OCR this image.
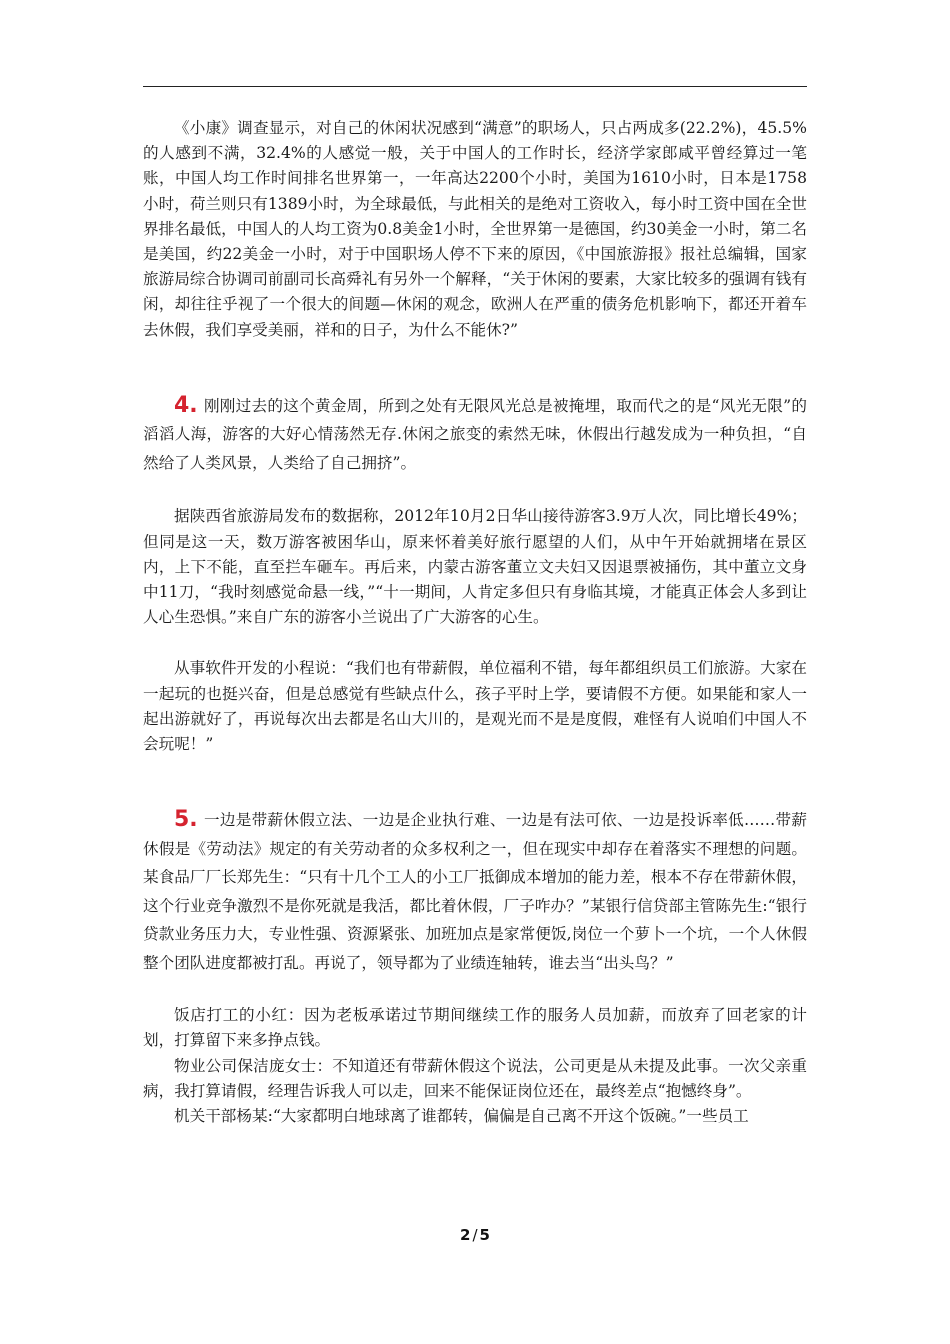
《小康》调查显示，对自己的休闲状况感到“满意”的职场人，只占两成多(22.2%)，45.5%的人感到不满，32.4%的人感觉一般，关于中国人的工作时长，经济学家郎咸平曾经算过一笔账，中国人均工作时间排名世界第一，一年高达2200个小时，美国为1610小时，日本是1758小时，荷兰则只有1389小时，为全球最低，与此相关的是绝对工资收入，每小时工资中国在全世界排名最低，中国人的人均工资为0.8美金1小时，全世界第一是德国，约30美金一小时，第二名是美国，约22美金一小时，对于中国职场人停不下来的原因，《中国旅游报》报社总编辑，国家旅游局综合协调司前副司长高舜礼有另外一个解释，“关于休闲的要素，大家比较多的强调有钱有闲，却往往乎视了一个很大的间题—休闲的观念，欧洲人在严重的债务危机影响下，都还开着车去休假，我们享受美丽，祥和的日子，为什么不能休?”

4. 刚刚过去的这个黄金周，所到之处有无限风光总是被掩埋，取而代之的是“风光无限”的滔滔人海，游客的大好心情荡然无存.休闲之旅变的索然无味，休假出行越发成为一种负担，“自然给了人类风景，人类给了自己拥挤”。

据陕西省旅游局发布的数据称，2012年10月2日华山接待游客3.9万人次，同比增长49%；但同是这一天，数万游客被困华山，原来怀着美好旅行愿望的人们，从中午开始就拥堵在景区内，上下不能，直至拦车砸车。再后来，内蒙古游客董立文夫妇又因退票被捅伤，其中董立文身中11刀，“我时刻感觉命悬一线，”“十一期间，人肯定多但只有身临其境，才能真正体会人多到让人心生恐惧。”来自广东的游客小兰说出了广大游客的心生。

从事软件开发的小程说：“我们也有带薪假，单位福利不错，每年都组织员工们旅游。大家在一起玩的也挺兴奋，但是总感觉有些缺点什么，孩子平时上学，要请假不方便。如果能和家人一起出游就好了，再说每次出去都是名山大川的，是观光而不是是度假，难怪有人说咱们中国人不会玩呢！”

5. 一边是带薪休假立法、一边是企业执行难、一边是有法可依、一边是投诉率低……带薪休假是《劳动法》规定的有关劳动者的众多权利之一，但在现实中却存在着落实不理想的问题。某食品厂厂长郑先生：“只有十几个工人的小工厂抵御成本增加的能力差，根本不存在带薪休假，这个行业竞争激烈不是你死就是我活，都比着休假，厂子咋办？”某银行信贷部主管陈先生:“银行贷款业务压力大，专业性强、资源紧张、加班加点是家常便饭,岗位一个萝卜一个坑，一个人休假整个团队进度都被打乱。再说了，领导都为了业绩连轴转，谁去当“出头鸟？”

饭店打工的小红：因为老板承诺过节期间继续工作的服务人员加薪，而放弃了回老家的计划，打算留下来多挣点钱。

物业公司保洁庞女士：不知道还有带薪休假这个说法，公司更是从未提及此事。一次父亲重病，我打算请假，经理告诉我人可以走，回来不能保证岗位还在，最终差点“抱憾终身”。

机关干部杨某:“大家都明白地球离了谁都转，偏偏是自己离不开这个饭碗。”一些员工

2 / 5
